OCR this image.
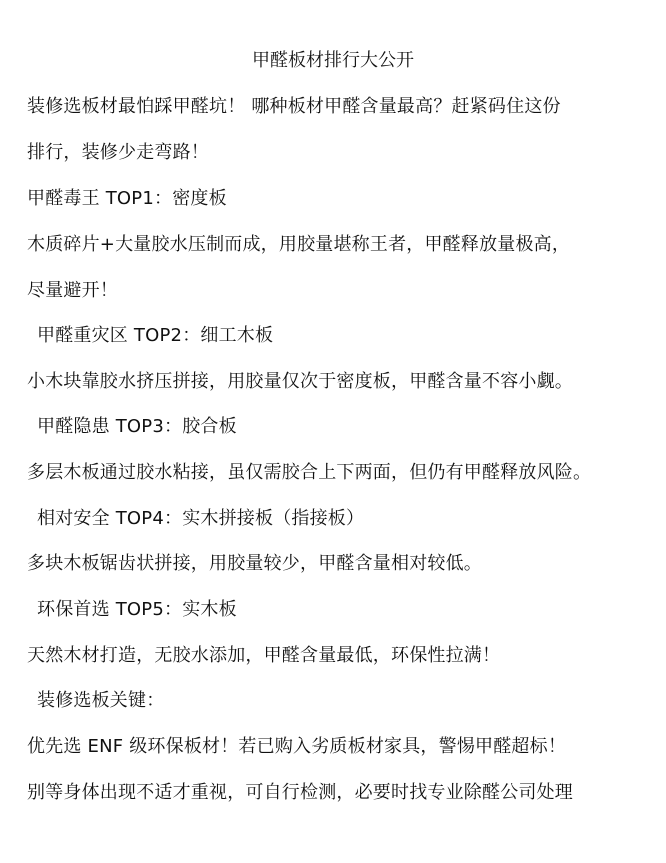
甲醛板材排行大公开
装修选板材最怕踩甲醛坑！ 哪种板材甲醛含量最高？赶紧码住这份
排行，装修少走弯路！
甲醛毒王 TOP1：密度板
木质碎片+大量胶水压制而成，用胶量堪称王者，甲醛释放量极高，
尽量避开！
甲醛重灾区 TOP2：细工木板
小木块靠胶水挤压拼接，用胶量仅次于密度板，甲醛含量不容小觑。
甲醛隐患 TOP3：胶合板
多层木板通过胶水粘接，虽仅需胶合上下两面，但仍有甲醛释放风险。
相对安全 TOP4：实木拼接板（指接板）
多块木板锯齿状拼接，用胶量较少，甲醛含量相对较低。
环保首选 TOP5：实木板
天然木材打造，无胶水添加，甲醛含量最低，环保性拉满！
装修选板关键：
优先选 ENF 级环保板材！若已购入劣质板材家具，警惕甲醛超标！
别等身体出现不适才重视，可自行检测，必要时找专业除醛公司处理
